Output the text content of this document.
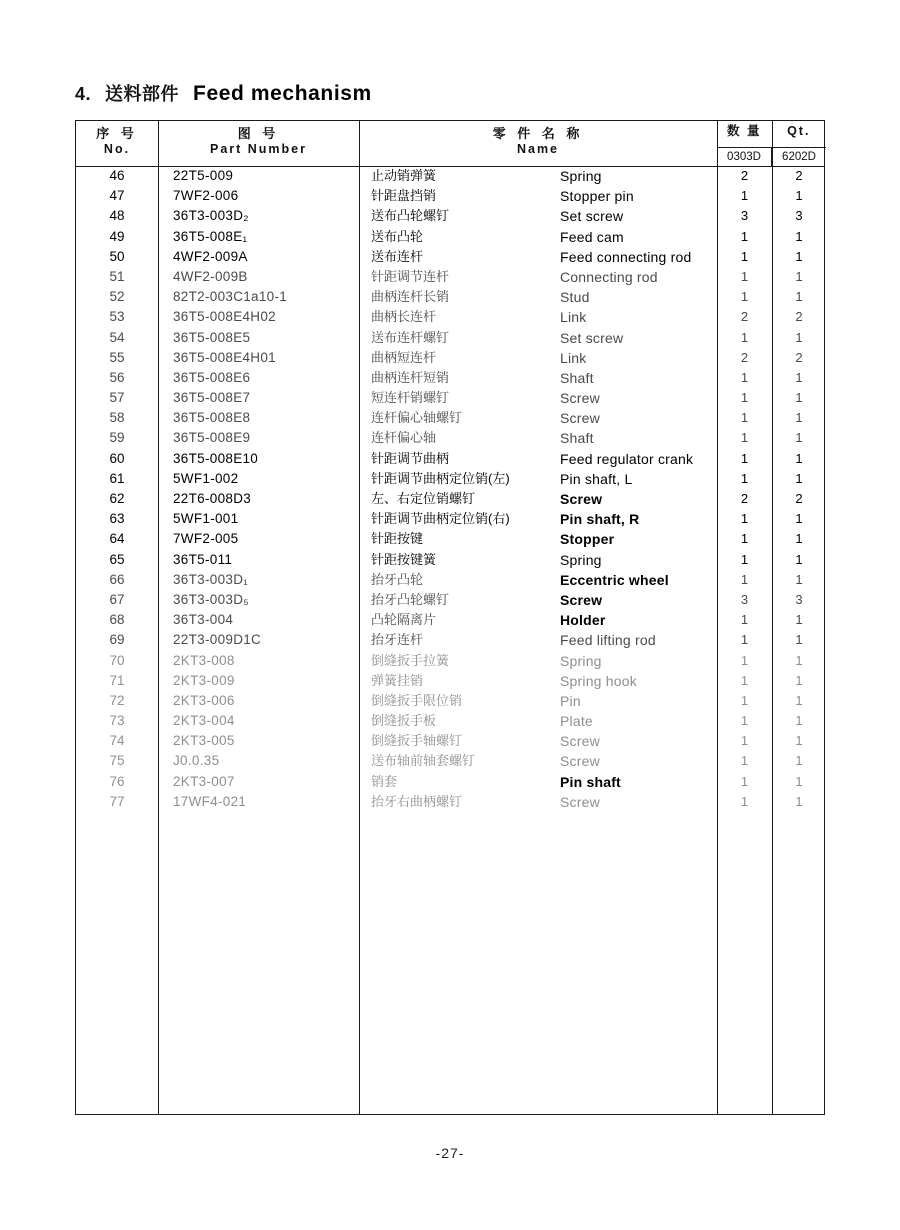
4. 送料部件 Feed mechanism
序 号
No.
图 号
Part Number
零 件 名 称
Name
数 量	Qt.
0303D	6202D
46	22T5-009	止动销弹簧	Spring	2	2
47	7WF2-006	针距盘挡销	Stopper pin	1	1
48	36T3-003D₂	送布凸轮螺钉	Set screw	3	3
49	36T5-008E₁	送布凸轮	Feed cam	1	1
50	4WF2-009A	送布连杆	Feed connecting rod	1	1
51	4WF2-009B	针距调节连杆	Connecting rod	1	1
52	82T2-003C1a10-1	曲柄连杆长销	Stud	1	1
53	36T5-008E4H02	曲柄长连杆	Link	2	2
54	36T5-008E5	送布连杆螺钉	Set screw	1	1
55	36T5-008E4H01	曲柄短连杆	Link	2	2
56	36T5-008E6	曲柄连杆短销	Shaft	1	1
57	36T5-008E7	短连杆销螺钉	Screw	1	1
58	36T5-008E8	连杆偏心轴螺钉	Screw	1	1
59	36T5-008E9	连杆偏心轴	Shaft	1	1
60	36T5-008E10	针距调节曲柄	Feed regulator crank	1	1
61	5WF1-002	针距调节曲柄定位销(左)	Pin shaft, L	1	1
62	22T6-008D3	左、右定位销螺钉	Screw	2	2
63	5WF1-001	针距调节曲柄定位销(右)	Pin shaft, R	1	1
64	7WF2-005	针距按键	Stopper	1	1
65	36T5-011	针距按键簧	Spring	1	1
66	36T3-003D₁	抬牙凸轮	Eccentric wheel	1	1
67	36T3-003D₅	抬牙凸轮螺钉	Screw	3	3
68	36T3-004	凸轮隔离片	Holder	1	1
69	22T3-009D1C	抬牙连杆	Feed lifting rod	1	1
70	2KT3-008	倒缝扳手拉簧	Spring	1	1
71	2KT3-009	弹簧挂销	Spring hook	1	1
72	2KT3-006	倒缝扳手限位销	Pin	1	1
73	2KT3-004	倒缝扳手板	Plate	1	1
74	2KT3-005	倒缝扳手轴螺钉	Screw	1	1
75	J0.0.35	送布轴前轴套螺钉	Screw	1	1
76	2KT3-007	销套	Pin shaft	1	1
77	17WF4-021	抬牙右曲柄螺钉	Screw	1	1
-27-
